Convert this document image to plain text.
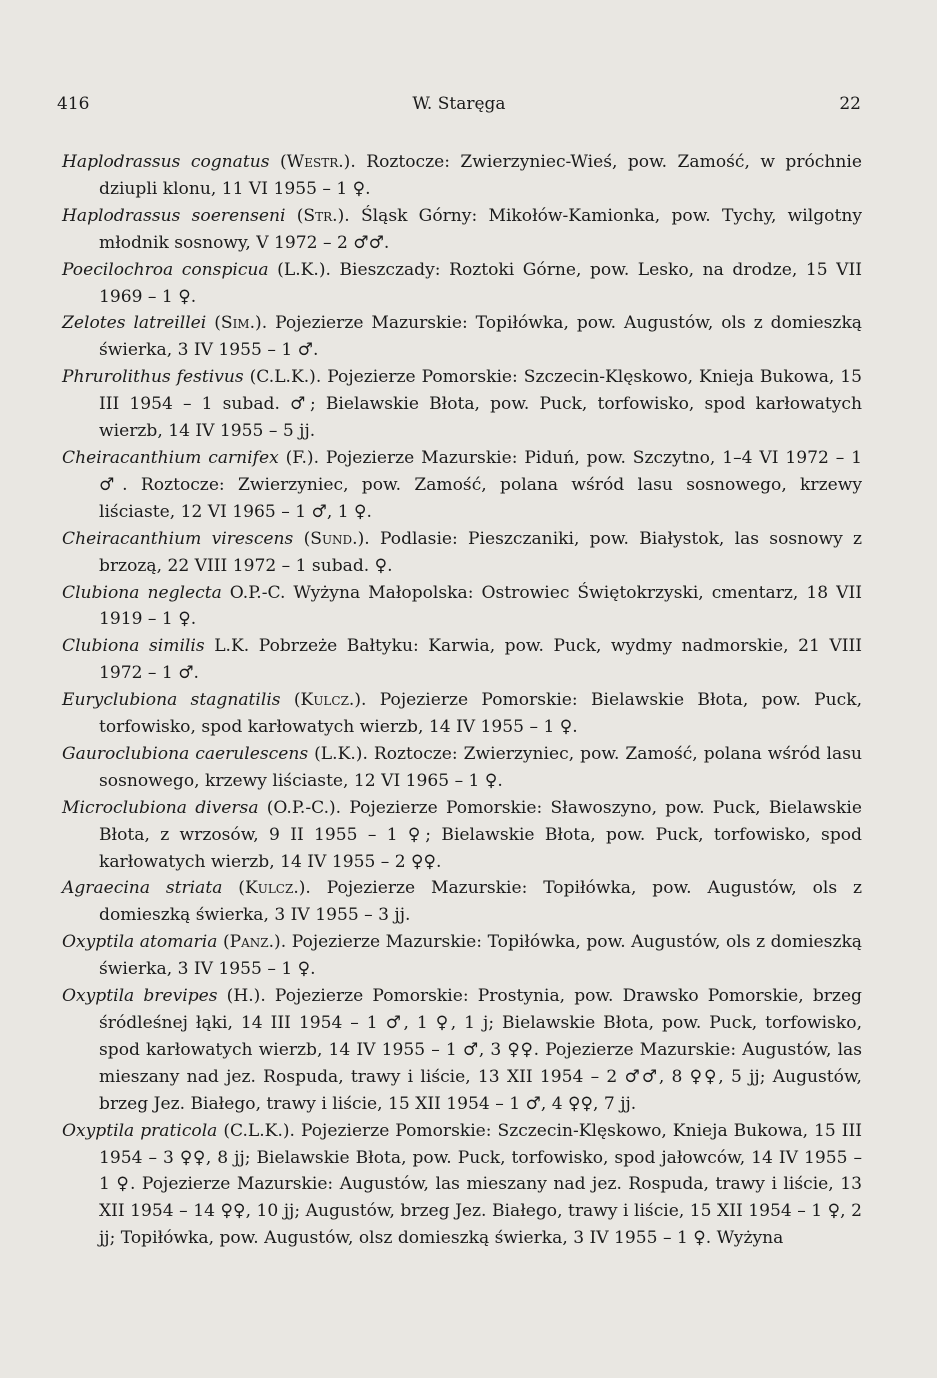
416	W. Staręga	22

Haplodrassus cognatus (Westr.). Roztocze: Zwierzyniec-Wieś, pow. Zamość, w próchnie dziupli klonu, 11 VI 1955 – 1 ♀.

Haplodrassus soerenseni (Str.). Śląsk Górny: Mikołów-Kamionka, pow. Tychy, wilgotny młodnik sosnowy, V 1972 – 2 ♂♂.

Poecilochroa conspicua (L.K.). Bieszczady: Roztoki Górne, pow. Lesko, na drodze, 15 VII 1969 – 1 ♀.

Zelotes latreillei (Sim.). Pojezierze Mazurskie: Topiłówka, pow. Augustów, ols z domieszką świerka, 3 IV 1955 – 1 ♂.

Phrurolithus festivus (C.L.K.). Pojezierze Pomorskie: Szczecin-Klęskowo, Knieja Bukowa, 15 III 1954 – 1 subad. ♂; Bielawskie Błota, pow. Puck, torfowisko, spod karłowatych wierzb, 14 IV 1955 – 5 jj.

Cheiracanthium carnifex (F.). Pojezierze Mazurskie: Piduń, pow. Szczytno, 1–4 VI 1972 – 1 ♂. Roztocze: Zwierzyniec, pow. Zamość, polana wśród lasu sosnowego, krzewy liściaste, 12 VI 1965 – 1 ♂, 1 ♀.

Cheiracanthium virescens (Sund.). Podlasie: Pieszczaniki, pow. Białystok, las sosnowy z brzozą, 22 VIII 1972 – 1 subad. ♀.

Clubiona neglecta O.P.-C. Wyżyna Małopolska: Ostrowiec Świętokrzyski, cmentarz, 18 VII 1919 – 1 ♀.

Clubiona similis L.K. Pobrzeże Bałtyku: Karwia, pow. Puck, wydmy nadmorskie, 21 VIII 1972 – 1 ♂.

Euryclubiona stagnatilis (Kulcz.). Pojezierze Pomorskie: Bielawskie Błota, pow. Puck, torfowisko, spod karłowatych wierzb, 14 IV 1955 – 1 ♀.

Gauroclubiona caerulescens (L.K.). Roztocze: Zwierzyniec, pow. Zamość, polana wśród lasu sosnowego, krzewy liściaste, 12 VI 1965 – 1 ♀.

Microclubiona diversa (O.P.-C.). Pojezierze Pomorskie: Sławoszyno, pow. Puck, Bielawskie Błota, z wrzosów, 9 II 1955 – 1 ♀; Bielawskie Błota, pow. Puck, torfowisko, spod karłowatych wierzb, 14 IV 1955 – 2 ♀♀.

Agraecina striata (Kulcz.). Pojezierze Mazurskie: Topiłówka, pow. Augustów, ols z domieszką świerka, 3 IV 1955 – 3 jj.

Oxyptila atomaria (Panz.). Pojezierze Mazurskie: Topiłówka, pow. Augustów, ols z domieszką świerka, 3 IV 1955 – 1 ♀.

Oxyptila brevipes (H.). Pojezierze Pomorskie: Prostynia, pow. Drawsko Pomorskie, brzeg śródleśnej łąki, 14 III 1954 – 1 ♂, 1 ♀, 1 j; Bielawskie Błota, pow. Puck, torfowisko, spod karłowatych wierzb, 14 IV 1955 – 1 ♂, 3 ♀♀. Pojezierze Mazurskie: Augustów, las mieszany nad jez. Rospuda, trawy i liście, 13 XII 1954 – 2 ♂♂, 8 ♀♀, 5 jj; Augustów, brzeg Jez. Białego, trawy i liście, 15 XII 1954 – 1 ♂, 4 ♀♀, 7 jj.

Oxyptila praticola (C.L.K.). Pojezierze Pomorskie: Szczecin-Klęskowo, Knieja Bukowa, 15 III 1954 – 3 ♀♀, 8 jj; Bielawskie Błota, pow. Puck, torfowisko, spod jałowców, 14 IV 1955 – 1 ♀. Pojezierze Mazurskie: Augustów, las mieszany nad jez. Rospuda, trawy i liście, 13 XII 1954 – 14 ♀♀, 10 jj; Augustów, brzeg Jez. Białego, trawy i liście, 15 XII 1954 – 1 ♀, 2 jj; Topiłówka, pow. Augustów, olsz domieszką świerka, 3 IV 1955 – 1 ♀. Wyżyna
